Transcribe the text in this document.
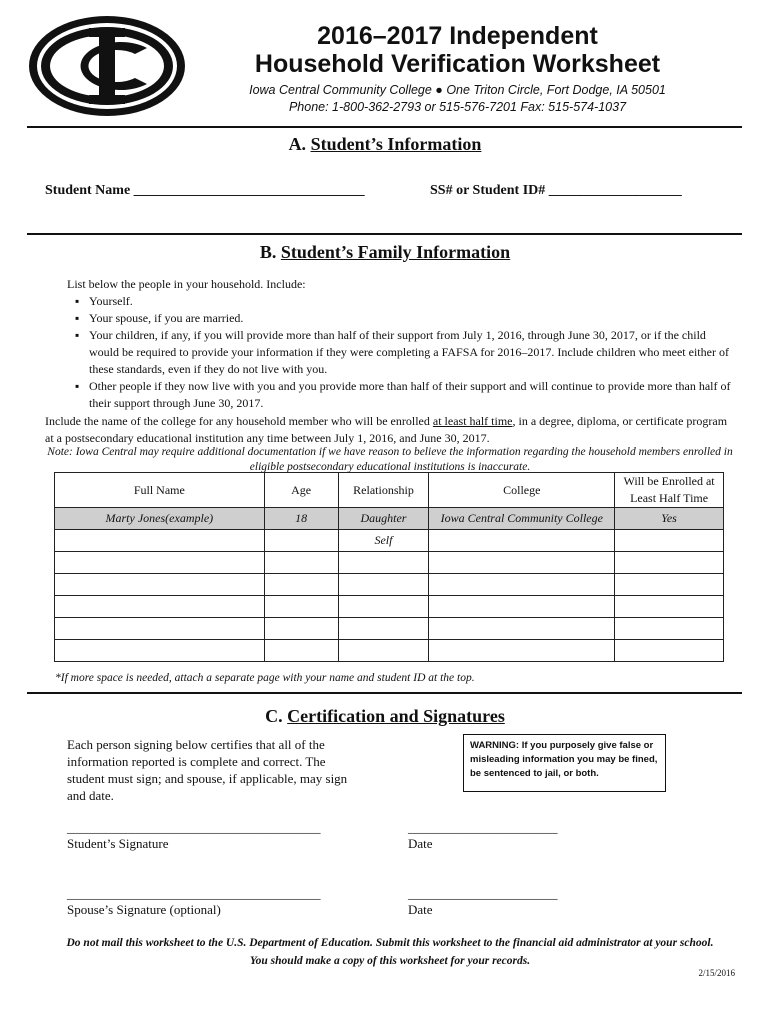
2016–2017 Independent
Household Verification Worksheet
Iowa Central Community College ● One Triton Circle, Fort Dodge, IA 50501
Phone: 1-800-362-2793 or 515-576-7201 Fax: 515-574-1037
A. Student’s Information
Student Name _________________________________	SS# or Student ID# ___________________
B. Student’s Family Information
List below the people in your household. Include:
▪ Yourself.
▪ Your spouse, if you are married.
▪ Your children, if any, if you will provide more than half of their support from July 1, 2016, through June 30, 2017, or if the child would be required to provide your information if they were completing a FAFSA for 2016–2017. Include children who meet either of these standards, even if they do not live with you.
▪ Other people if they now live with you and you provide more than half of their support and will continue to provide more than half of their support through June 30, 2017.
Include the name of the college for any household member who will be enrolled at least half time, in a degree, diploma, or certificate program at a postsecondary educational institution any time between July 1, 2016, and June 30, 2017.
Note: Iowa Central may require additional documentation if we have reason to believe the information regarding the household members enrolled in eligible postsecondary educational institutions is inaccurate.
Full Name	Age	Relationship	College	Will be Enrolled at Least Half Time
Marty Jones(example)	18	Daughter	Iowa Central Community College	Yes
		Self		

*If more space is needed, attach a separate page with your name and student ID at the top.
C. Certification and Signatures
Each person signing below certifies that all of the information reported is complete and correct. The student must sign; and spouse, if applicable, may sign and date.
WARNING: If you purposely give false or misleading information you may be fined, be sentenced to jail, or both.
_______________________________________
Student’s Signature
_______________________
Date
_______________________________________
Spouse’s Signature (optional)
_______________________
Date
Do not mail this worksheet to the U.S. Department of Education. Submit this worksheet to the financial aid administrator at your school. You should make a copy of this worksheet for your records.
2/15/2016
